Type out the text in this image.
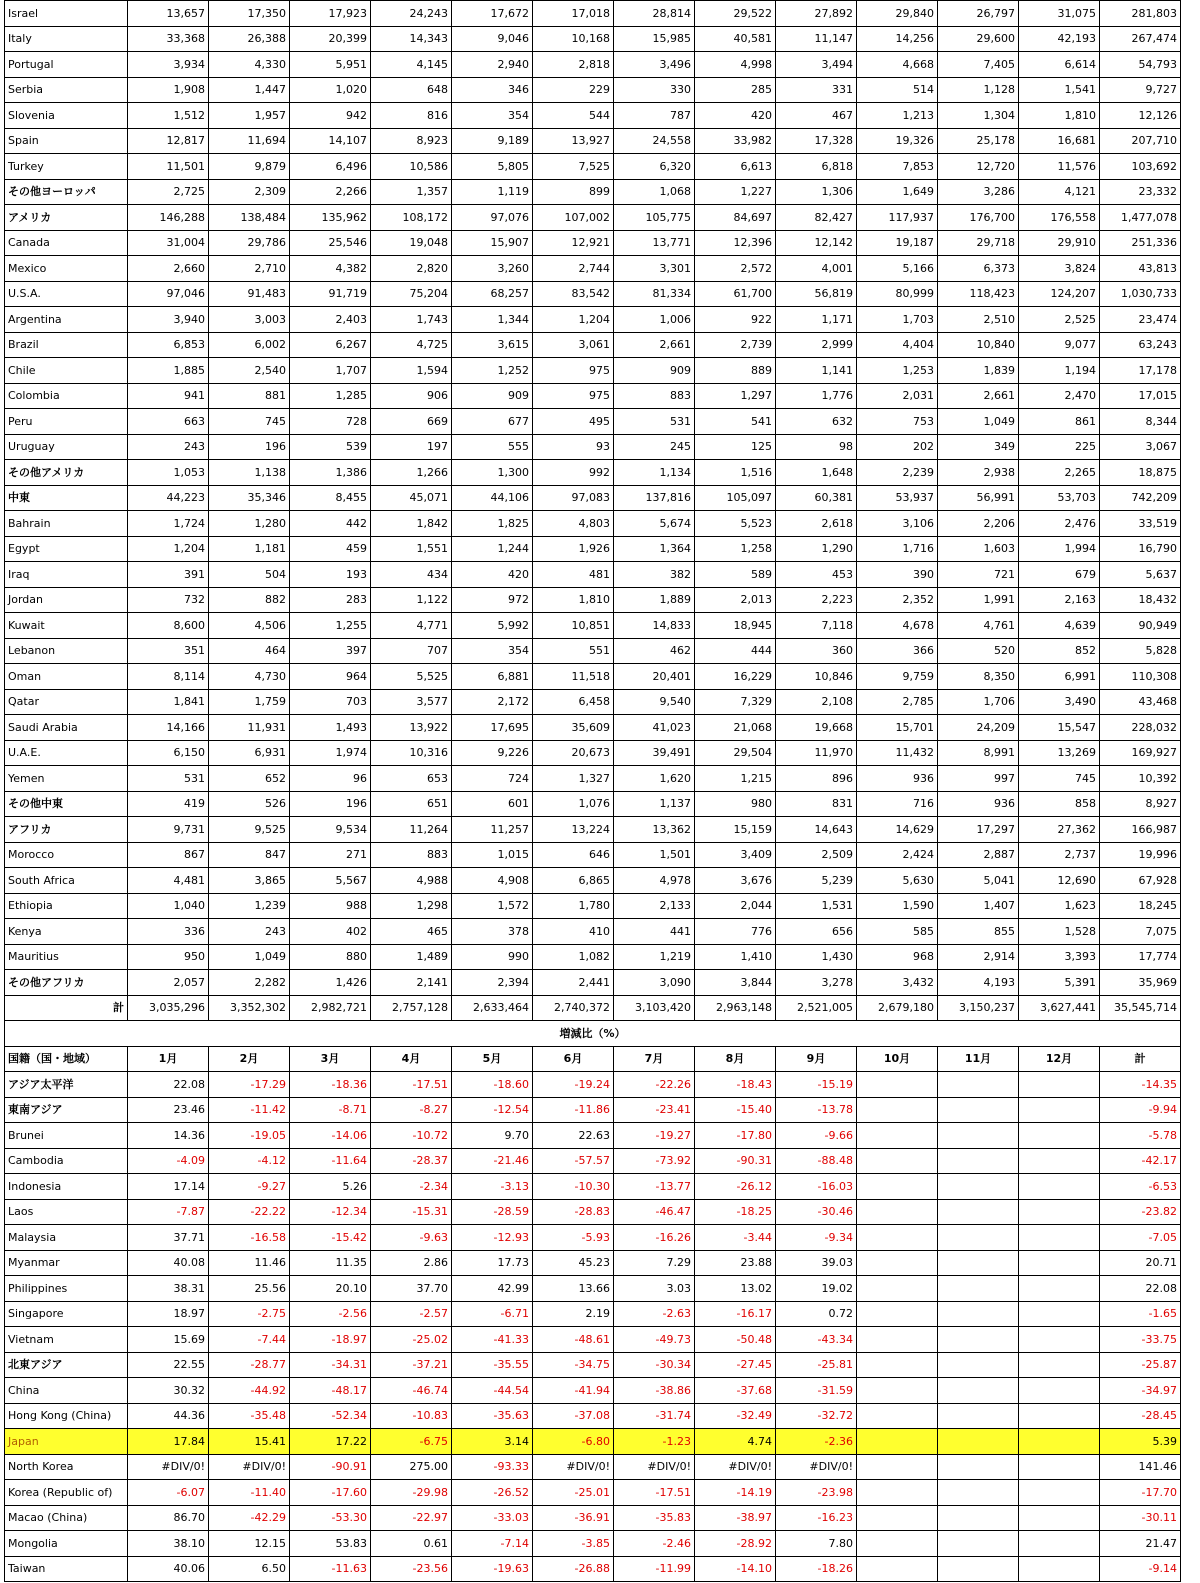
Israel	13,657	17,350	17,923	24,243	17,672	17,018	28,814	29,522	27,892	29,840	26,797	31,075	281,803
Italy	33,368	26,388	20,399	14,343	9,046	10,168	15,985	40,581	11,147	14,256	29,600	42,193	267,474
Portugal	3,934	4,330	5,951	4,145	2,940	2,818	3,496	4,998	3,494	4,668	7,405	6,614	54,793
Serbia	1,908	1,447	1,020	648	346	229	330	285	331	514	1,128	1,541	9,727
Slovenia	1,512	1,957	942	816	354	544	787	420	467	1,213	1,304	1,810	12,126
Spain	12,817	11,694	14,107	8,923	9,189	13,927	24,558	33,982	17,328	19,326	25,178	16,681	207,710
Turkey	11,501	9,879	6,496	10,586	5,805	7,525	6,320	6,613	6,818	7,853	12,720	11,576	103,692
その他ヨーロッパ	2,725	2,309	2,266	1,357	1,119	899	1,068	1,227	1,306	1,649	3,286	4,121	23,332
アメリカ	146,288	138,484	135,962	108,172	97,076	107,002	105,775	84,697	82,427	117,937	176,700	176,558	1,477,078
Canada	31,004	29,786	25,546	19,048	15,907	12,921	13,771	12,396	12,142	19,187	29,718	29,910	251,336
Mexico	2,660	2,710	4,382	2,820	3,260	2,744	3,301	2,572	4,001	5,166	6,373	3,824	43,813
U.S.A.	97,046	91,483	91,719	75,204	68,257	83,542	81,334	61,700	56,819	80,999	118,423	124,207	1,030,733
Argentina	3,940	3,003	2,403	1,743	1,344	1,204	1,006	922	1,171	1,703	2,510	2,525	23,474
Brazil	6,853	6,002	6,267	4,725	3,615	3,061	2,661	2,739	2,999	4,404	10,840	9,077	63,243
Chile	1,885	2,540	1,707	1,594	1,252	975	909	889	1,141	1,253	1,839	1,194	17,178
Colombia	941	881	1,285	906	909	975	883	1,297	1,776	2,031	2,661	2,470	17,015
Peru	663	745	728	669	677	495	531	541	632	753	1,049	861	8,344
Uruguay	243	196	539	197	555	93	245	125	98	202	349	225	3,067
その他アメリカ	1,053	1,138	1,386	1,266	1,300	992	1,134	1,516	1,648	2,239	2,938	2,265	18,875
中東	44,223	35,346	8,455	45,071	44,106	97,083	137,816	105,097	60,381	53,937	56,991	53,703	742,209
Bahrain	1,724	1,280	442	1,842	1,825	4,803	5,674	5,523	2,618	3,106	2,206	2,476	33,519
Egypt	1,204	1,181	459	1,551	1,244	1,926	1,364	1,258	1,290	1,716	1,603	1,994	16,790
Iraq	391	504	193	434	420	481	382	589	453	390	721	679	5,637
Jordan	732	882	283	1,122	972	1,810	1,889	2,013	2,223	2,352	1,991	2,163	18,432
Kuwait	8,600	4,506	1,255	4,771	5,992	10,851	14,833	18,945	7,118	4,678	4,761	4,639	90,949
Lebanon	351	464	397	707	354	551	462	444	360	366	520	852	5,828
Oman	8,114	4,730	964	5,525	6,881	11,518	20,401	16,229	10,846	9,759	8,350	6,991	110,308
Qatar	1,841	1,759	703	3,577	2,172	6,458	9,540	7,329	2,108	2,785	1,706	3,490	43,468
Saudi Arabia	14,166	11,931	1,493	13,922	17,695	35,609	41,023	21,068	19,668	15,701	24,209	15,547	228,032
U.A.E.	6,150	6,931	1,974	10,316	9,226	20,673	39,491	29,504	11,970	11,432	8,991	13,269	169,927
Yemen	531	652	96	653	724	1,327	1,620	1,215	896	936	997	745	10,392
その他中東	419	526	196	651	601	1,076	1,137	980	831	716	936	858	8,927
アフリカ	9,731	9,525	9,534	11,264	11,257	13,224	13,362	15,159	14,643	14,629	17,297	27,362	166,987
Morocco	867	847	271	883	1,015	646	1,501	3,409	2,509	2,424	2,887	2,737	19,996
South Africa	4,481	3,865	5,567	4,988	4,908	6,865	4,978	3,676	5,239	5,630	5,041	12,690	67,928
Ethiopia	1,040	1,239	988	1,298	1,572	1,780	2,133	2,044	1,531	1,590	1,407	1,623	18,245
Kenya	336	243	402	465	378	410	441	776	656	585	855	1,528	7,075
Mauritius	950	1,049	880	1,489	990	1,082	1,219	1,410	1,430	968	2,914	3,393	17,774
その他アフリカ	2,057	2,282	1,426	2,141	2,394	2,441	3,090	3,844	3,278	3,432	4,193	5,391	35,969
計	3,035,296	3,352,302	2,982,721	2,757,128	2,633,464	2,740,372	3,103,420	2,963,148	2,521,005	2,679,180	3,150,237	3,627,441	35,545,714
増減比（%）													
国籍（国・地域）	1月	2月	3月	4月	5月	6月	7月	8月	9月	10月	11月	12月	計
アジア太平洋	22.08	-17.29	-18.36	-17.51	-18.60	-19.24	-22.26	-18.43	-15.19				-14.35
東南アジア	23.46	-11.42	-8.71	-8.27	-12.54	-11.86	-23.41	-15.40	-13.78				-9.94
Brunei	14.36	-19.05	-14.06	-10.72	9.70	22.63	-19.27	-17.80	-9.66				-5.78
Cambodia	-4.09	-4.12	-11.64	-28.37	-21.46	-57.57	-73.92	-90.31	-88.48				-42.17
Indonesia	17.14	-9.27	5.26	-2.34	-3.13	-10.30	-13.77	-26.12	-16.03				-6.53
Laos	-7.87	-22.22	-12.34	-15.31	-28.59	-28.83	-46.47	-18.25	-30.46				-23.82
Malaysia	37.71	-16.58	-15.42	-9.63	-12.93	-5.93	-16.26	-3.44	-9.34				-7.05
Myanmar	40.08	11.46	11.35	2.86	17.73	45.23	7.29	23.88	39.03				20.71
Philippines	38.31	25.56	20.10	37.70	42.99	13.66	3.03	13.02	19.02				22.08
Singapore	18.97	-2.75	-2.56	-2.57	-6.71	2.19	-2.63	-16.17	0.72				-1.65
Vietnam	15.69	-7.44	-18.97	-25.02	-41.33	-48.61	-49.73	-50.48	-43.34				-33.75
北東アジア	22.55	-28.77	-34.31	-37.21	-35.55	-34.75	-30.34	-27.45	-25.81				-25.87
China	30.32	-44.92	-48.17	-46.74	-44.54	-41.94	-38.86	-37.68	-31.59				-34.97
Hong Kong (China)	44.36	-35.48	-52.34	-10.83	-35.63	-37.08	-31.74	-32.49	-32.72				-28.45
Japan	17.84	15.41	17.22	-6.75	3.14	-6.80	-1.23	4.74	-2.36				5.39
North Korea	#DIV/0!	#DIV/0!	-90.91	275.00	-93.33	#DIV/0!	#DIV/0!	#DIV/0!	#DIV/0!				141.46
Korea (Republic of)	-6.07	-11.40	-17.60	-29.98	-26.52	-25.01	-17.51	-14.19	-23.98				-17.70
Macao (China)	86.70	-42.29	-53.30	-22.97	-33.03	-36.91	-35.83	-38.97	-16.23				-30.11
Mongolia	38.10	12.15	53.83	0.61	-7.14	-3.85	-2.46	-28.92	7.80				21.47
Taiwan	40.06	6.50	-11.63	-23.56	-19.63	-26.88	-11.99	-14.10	-18.26				-9.14
